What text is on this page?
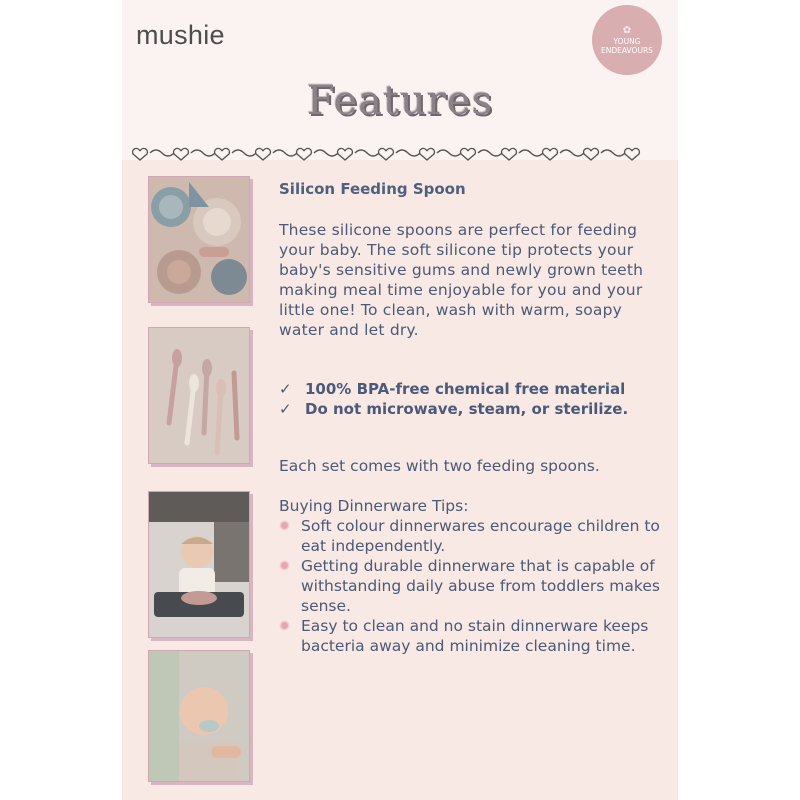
mushie	✿
YOUNG ENDEAVOURS
Features
Silicon Feeding Spoon
These silicone spoons are perfect for feeding your baby. The soft silicone tip protects your baby's sensitive gums and newly grown teeth making meal time enjoyable for you and your little one! To clean, wash with warm, soapy water and let dry.
✓ 100% BPA-free chemical free material
✓ Do not microwave, steam, or sterilize.
Each set comes with two feeding spoons.
Buying Dinnerware Tips:
Soft colour dinnerwares encourage children to eat independently.
Getting durable dinnerware that is capable of withstanding daily abuse from toddlers makes sense.
Easy to clean and no stain dinnerware keeps bacteria away and minimize cleaning time.
